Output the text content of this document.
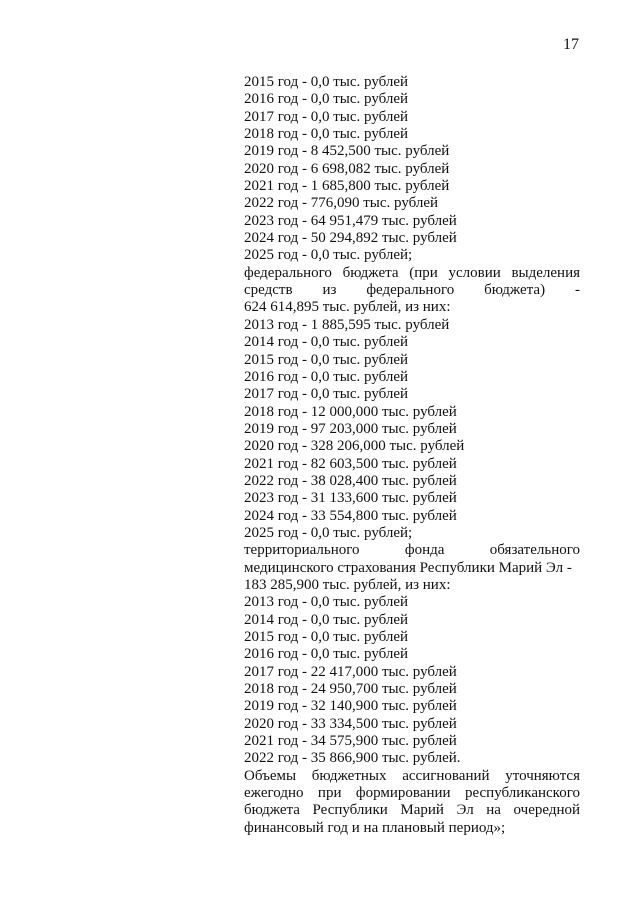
17
2015 год - 0,0 тыс. рублей
2016 год - 0,0 тыс. рублей
2017 год - 0,0 тыс. рублей
2018 год - 0,0 тыс. рублей
2019 год - 8 452,500 тыс. рублей
2020 год - 6 698,082 тыс. рублей
2021 год - 1 685,800 тыс. рублей
2022 год - 776,090 тыс. рублей
2023 год - 64 951,479 тыс. рублей
2024 год - 50 294,892 тыс. рублей
2025 год - 0,0 тыс. рублей;
федерального бюджета (при условии выделения
средств из федерального бюджета) -
624 614,895 тыс. рублей, из них:
2013 год - 1 885,595 тыс. рублей
2014 год - 0,0 тыс. рублей
2015 год - 0,0 тыс. рублей
2016 год - 0,0 тыс. рублей
2017 год - 0,0 тыс. рублей
2018 год - 12 000,000 тыс. рублей
2019 год - 97 203,000 тыс. рублей
2020 год - 328 206,000 тыс. рублей
2021 год - 82 603,500 тыс. рублей
2022 год - 38 028,400 тыс. рублей
2023 год - 31 133,600 тыс. рублей
2024 год - 33 554,800 тыс. рублей
2025 год - 0,0 тыс. рублей;
территориального фонда обязательного
медицинского страхования Республики Марий Эл -
183 285,900 тыс. рублей, из них:
2013 год - 0,0 тыс. рублей
2014 год - 0,0 тыс. рублей
2015 год - 0,0 тыс. рублей
2016 год - 0,0 тыс. рублей
2017 год - 22 417,000 тыс. рублей
2018 год - 24 950,700 тыс. рублей
2019 год - 32 140,900 тыс. рублей
2020 год - 33 334,500 тыс. рублей
2021 год - 34 575,900 тыс. рублей
2022 год - 35 866,900 тыс. рублей.
Объемы бюджетных ассигнований уточняются
ежегодно при формировании республиканского
бюджета Республики Марий Эл на очередной
финансовый год и на плановый период»;
